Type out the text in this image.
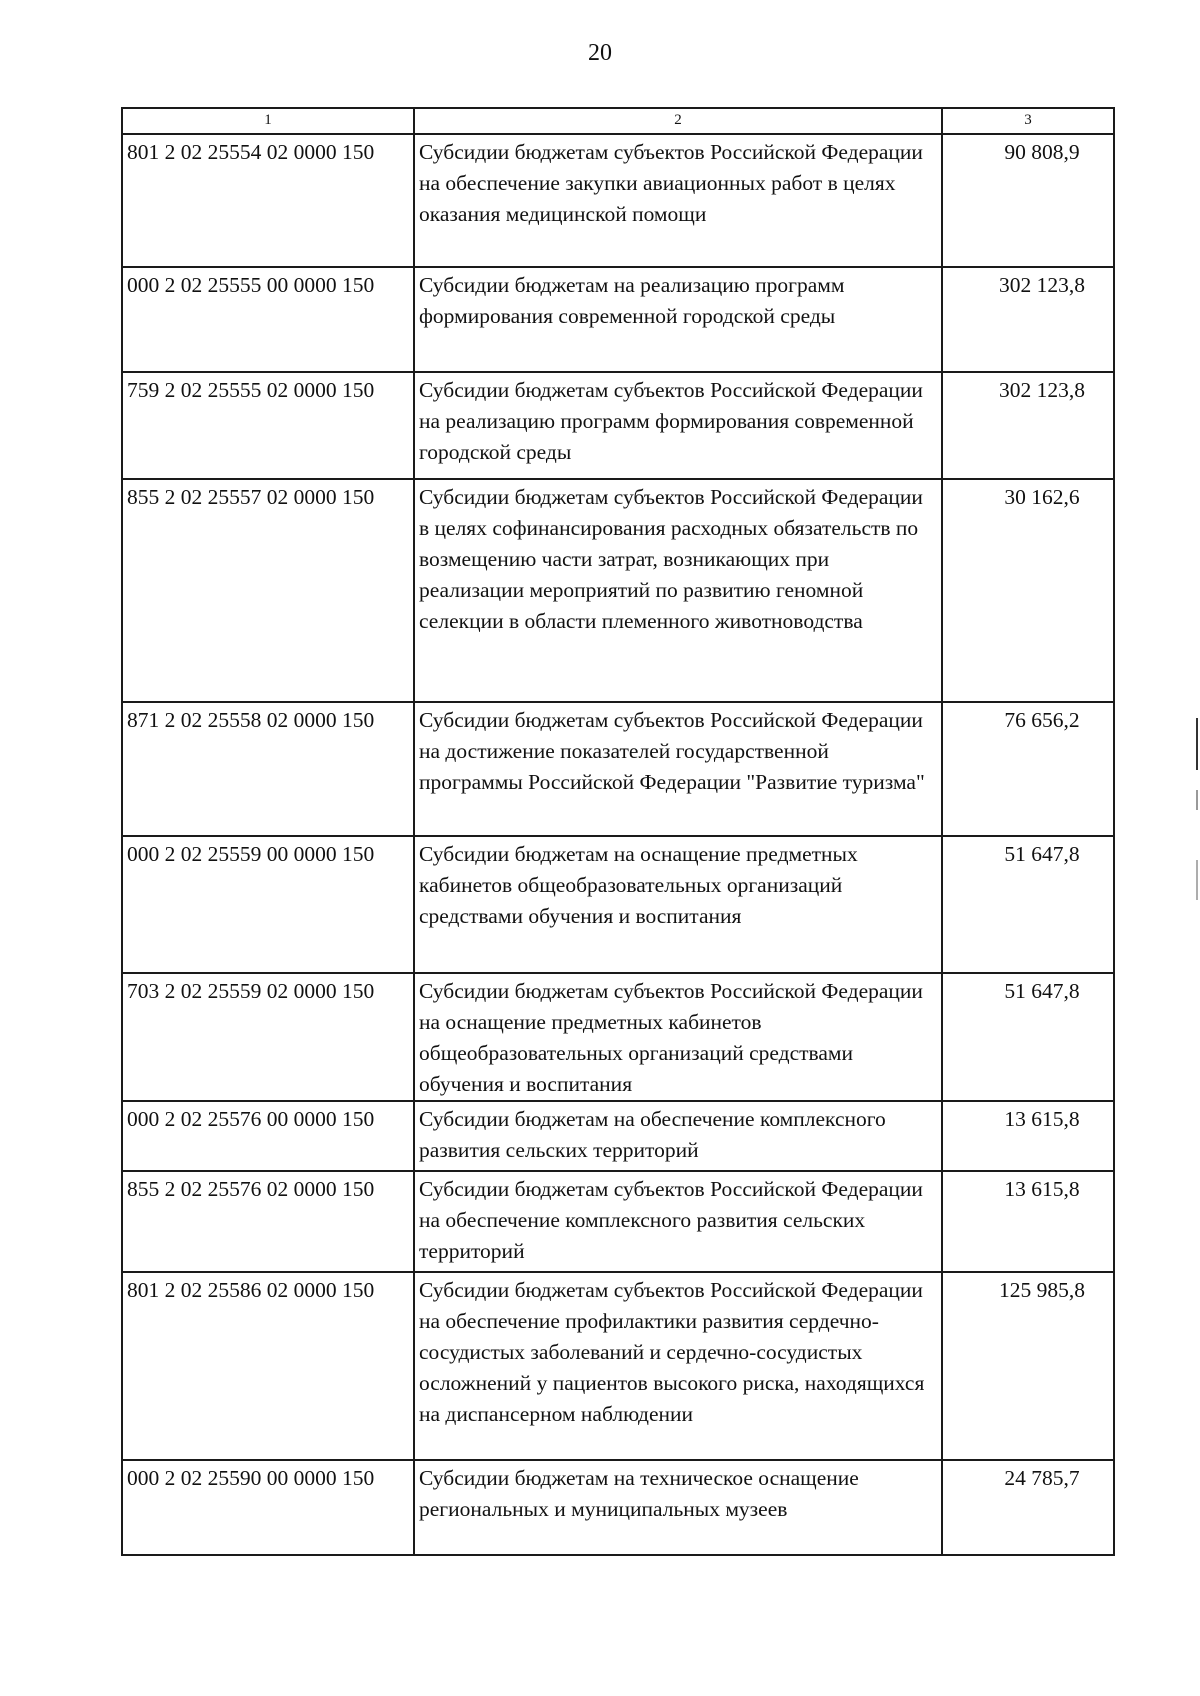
20
1	2	3
801 2 02 25554 02 0000 150	Субсидии бюджетам субъектов Российской Федерации на обеспечение закупки авиационных работ в целях оказания медицинской помощи	90 808,9
000 2 02 25555 00 0000 150	Субсидии бюджетам на реализацию программ формирования современной городской среды	302 123,8
759 2 02 25555 02 0000 150	Субсидии бюджетам субъектов Российской Федерации на реализацию программ формирования современной городской среды	302 123,8
855 2 02 25557 02 0000 150	Субсидии бюджетам субъектов Российской Федерации в целях софинансирования расходных обязательств по возмещению части затрат, возникающих при реализации мероприятий по развитию геномной селекции в области племенного животноводства	30 162,6
871 2 02 25558 02 0000 150	Субсидии бюджетам субъектов Российской Федерации на достижение показателей государственной программы Российской Федерации "Развитие туризма"	76 656,2
000 2 02 25559 00 0000 150	Субсидии бюджетам на оснащение предметных кабинетов общеобразовательных организаций средствами обучения и воспитания	51 647,8
703 2 02 25559 02 0000 150	Субсидии бюджетам субъектов Российской Федерации на оснащение предметных кабинетов общеобразовательных организаций средствами обучения и воспитания	51 647,8
000 2 02 25576 00 0000 150	Субсидии бюджетам на обеспечение комплексного развития сельских территорий	13 615,8
855 2 02 25576 02 0000 150	Субсидии бюджетам субъектов Российской Федерации на обеспечение комплексного развития сельских территорий	13 615,8
801 2 02 25586 02 0000 150	Субсидии бюджетам субъектов Российской Федерации на обеспечение профилактики развития сердечно-сосудистых заболеваний и сердечно-сосудистых осложнений у пациентов высокого риска, находящихся на диспансерном наблюдении	125 985,8
000 2 02 25590 00 0000 150	Субсидии бюджетам на техническое оснащение региональных и муниципальных музеев	24 785,7
